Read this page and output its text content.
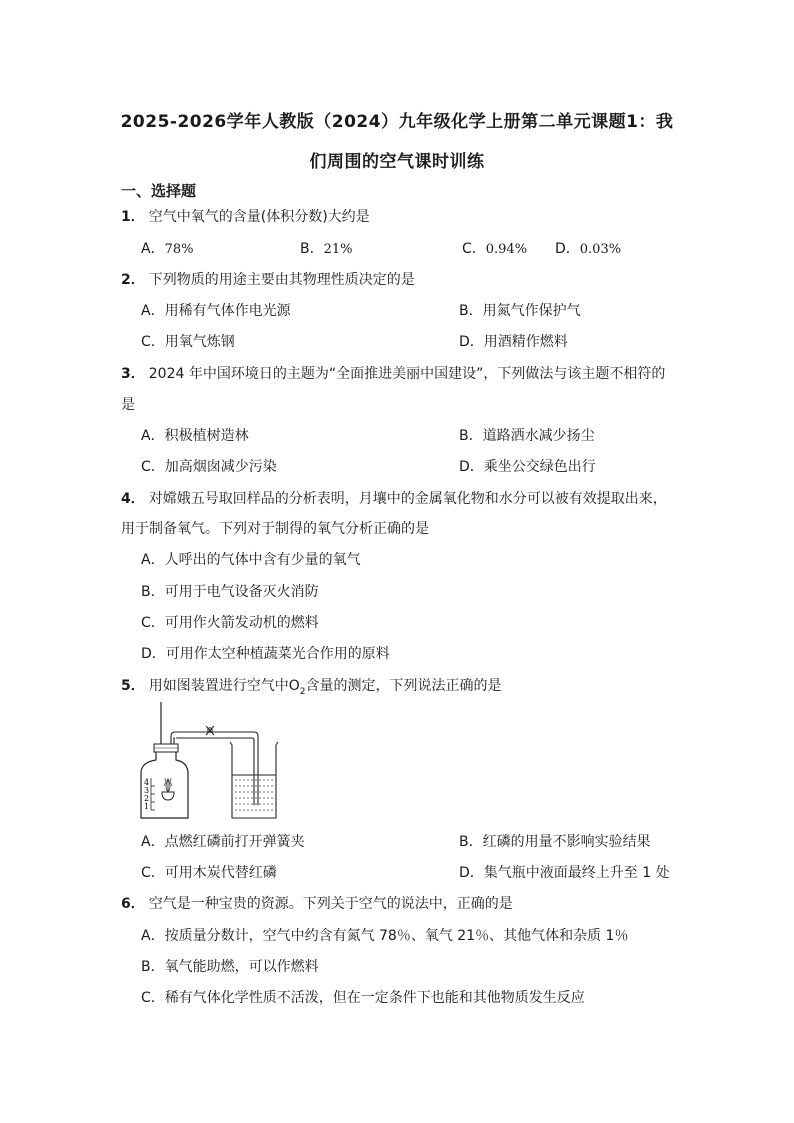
2025-2026学年人教版（2024）九年级化学上册第二单元课题1：我
们周围的空气课时训练
一、选择题
1． 空气中氧气的含量(体积分数)大约是
A．78%	B．21%	C．0.94% D．0.03%
2． 下列物质的用途主要由其物理性质决定的是
A．用稀有气体作电光源	B．用氮气作保护气
C．用氧气炼钢	D．用酒精作燃料
3． 2024 年中国环境日的主题为“全面推进美丽中国建设”，下列做法与该主题不相符的
是
A．积极植树造林	B．道路洒水减少扬尘
C．加高烟囱减少污染	D．乘坐公交绿色出行
4． 对嫦娥五号取回样品的分析表明，月壤中的金属氧化物和水分可以被有效提取出来，
用于制备氧气。下列对于制得的氧气分析正确的是
A．人呼出的气体中含有少量的氧气
B．可用于电气设备灭火消防
C．可用作火箭发动机的燃料
D．可用作太空种植蔬菜光合作用的原料
5． 用如图装置进行空气中$O_2$含量的测定，下列说法正确的是
4
3
2
1
A．点燃红磷前打开弹簧夹	B．红磷的用量不影响实验结果
C．可用木炭代替红磷	D．集气瓶中液面最终上升至 1 处
6． 空气是一种宝贵的资源。下列关于空气的说法中，正确的是
A．按质量分数计，空气中约含有氮气 78％、氧气 21％、其他气体和杂质 1％
B．氧气能助燃，可以作燃料
C．稀有气体化学性质不活泼，但在一定条件下也能和其他物质发生反应
